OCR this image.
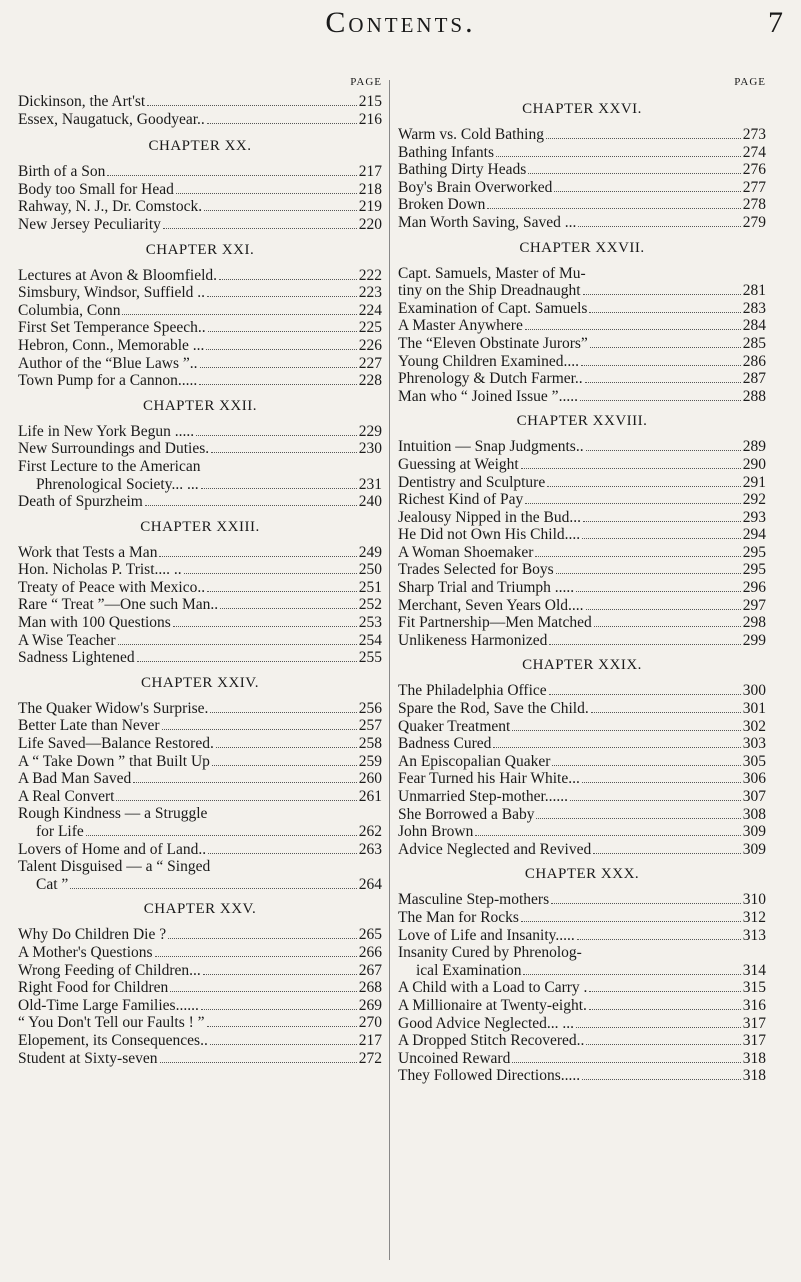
Contents.	7
PAGE
Dickinson, the Art'st	215
Essex, Naugatuck, Goodyear..	216
CHAPTER XX.
Birth of a Son	217
Body too Small for Head	218
Rahway, N. J., Dr. Comstock.	219
New Jersey Peculiarity	220
CHAPTER XXI.
Lectures at Avon & Bloomfield.	222
Simsbury, Windsor, Suffield ..	223
Columbia, Conn	224
First Set Temperance Speech..	225
Hebron, Conn., Memorable ...	226
Author of the “Blue Laws ”..	227
Town Pump for a Cannon.....	228
CHAPTER XXII.
Life in New York Begun .....	229
New Surroundings and Duties.	230
First Lecture to the American
Phrenological Society... ...	231
Death of Spurzheim	240
CHAPTER XXIII.
Work that Tests a Man	249
Hon. Nicholas P. Trist.... ..	250
Treaty of Peace with Mexico..	251
Rare “ Treat ”—One such Man..	252
Man with 100 Questions	253
A Wise Teacher	254
Sadness Lightened	255
CHAPTER XXIV.
The Quaker Widow's Surprise.	256
Better Late than Never	257
Life Saved—Balance Restored.	258
A “ Take Down ” that Built Up	259
A Bad Man Saved	260
A Real Convert	261
Rough Kindness — a Struggle
for Life	262
Lovers of Home and of Land..	263
Talent Disguised — a “ Singed
Cat ”	264
CHAPTER XXV.
Why Do Children Die ?	265
A Mother's Questions	266
Wrong Feeding of Children...	267
Right Food for Children	268
Old-Time Large Families......	269
“ You Don't Tell our Faults ! ”	270
Elopement, its Consequences..	217
Student at Sixty-seven	272
PAGE
CHAPTER XXVI.
Warm vs. Cold Bathing	273
Bathing Infants	274
Bathing Dirty Heads	276
Boy's Brain Overworked	277
Broken Down	278
Man Worth Saving, Saved ...	279
CHAPTER XXVII.
Capt. Samuels, Master of Mu-
tiny on the Ship Dreadnaught	281
Examination of Capt. Samuels	283
A Master Anywhere	284
The “Eleven Obstinate Jurors”	285
Young Children Examined....	286
Phrenology & Dutch Farmer..	287
Man who “ Joined Issue ”.....	288
CHAPTER XXVIII.
Intuition — Snap Judgments..	289
Guessing at Weight	290
Dentistry and Sculpture	291
Richest Kind of Pay	292
Jealousy Nipped in the Bud...	293
He Did not Own His Child....	294
A Woman Shoemaker	295
Trades Selected for Boys	295
Sharp Trial and Triumph .....	296
Merchant, Seven Years Old....	297
Fit Partnership—Men Matched	298
Unlikeness Harmonized	299
CHAPTER XXIX.
The Philadelphia Office	300
Spare the Rod, Save the Child.	301
Quaker Treatment	302
Badness Cured	303
An Episcopalian Quaker	305
Fear Turned his Hair White...	306
Unmarried Step-mother......	307
She Borrowed a Baby	308
John Brown	309
Advice Neglected and Revived	309
CHAPTER XXX.
Masculine Step-mothers	310
The Man for Rocks	312
Love of Life and Insanity.....	313
Insanity Cured by Phrenolog-
ical Examination	314
A Child with a Load to Carry .	315
A Millionaire at Twenty-eight.	316
Good Advice Neglected... ...	317
A Dropped Stitch Recovered..	317
Uncoined Reward	318
They Followed Directions.....	318
